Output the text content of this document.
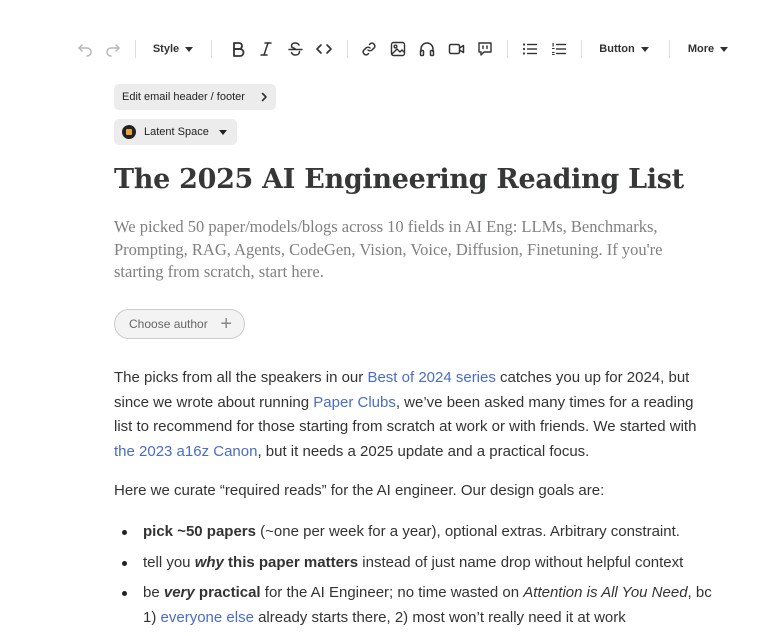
Style	Button	More
Edit email header / footer
Latent Space
The 2025 AI Engineering Reading List

We picked 50 paper/models/blogs across 10 fields in AI Eng: LLMs, Benchmarks, Prompting, RAG, Agents, CodeGen, Vision, Voice, Diffusion, Finetuning. If you're starting from scratch, start here.

Choose author +

The picks from all the speakers in our Best of 2024 series catches you up for 2024, but since we wrote about running Paper Clubs, we’ve been asked many times for a reading list to recommend for those starting from scratch at work or with friends. We started with the 2023 a16z Canon, but it needs a 2025 update and a practical focus.

Here we curate “required reads” for the AI engineer. Our design goals are:

pick ~50 papers (~one per week for a year), optional extras. Arbitrary constraint.
tell you why this paper matters instead of just name drop without helpful context
be very practical for the AI Engineer; no time wasted on Attention is All You Need, bc 1) everyone else already starts there, 2) most won’t really need it at work
